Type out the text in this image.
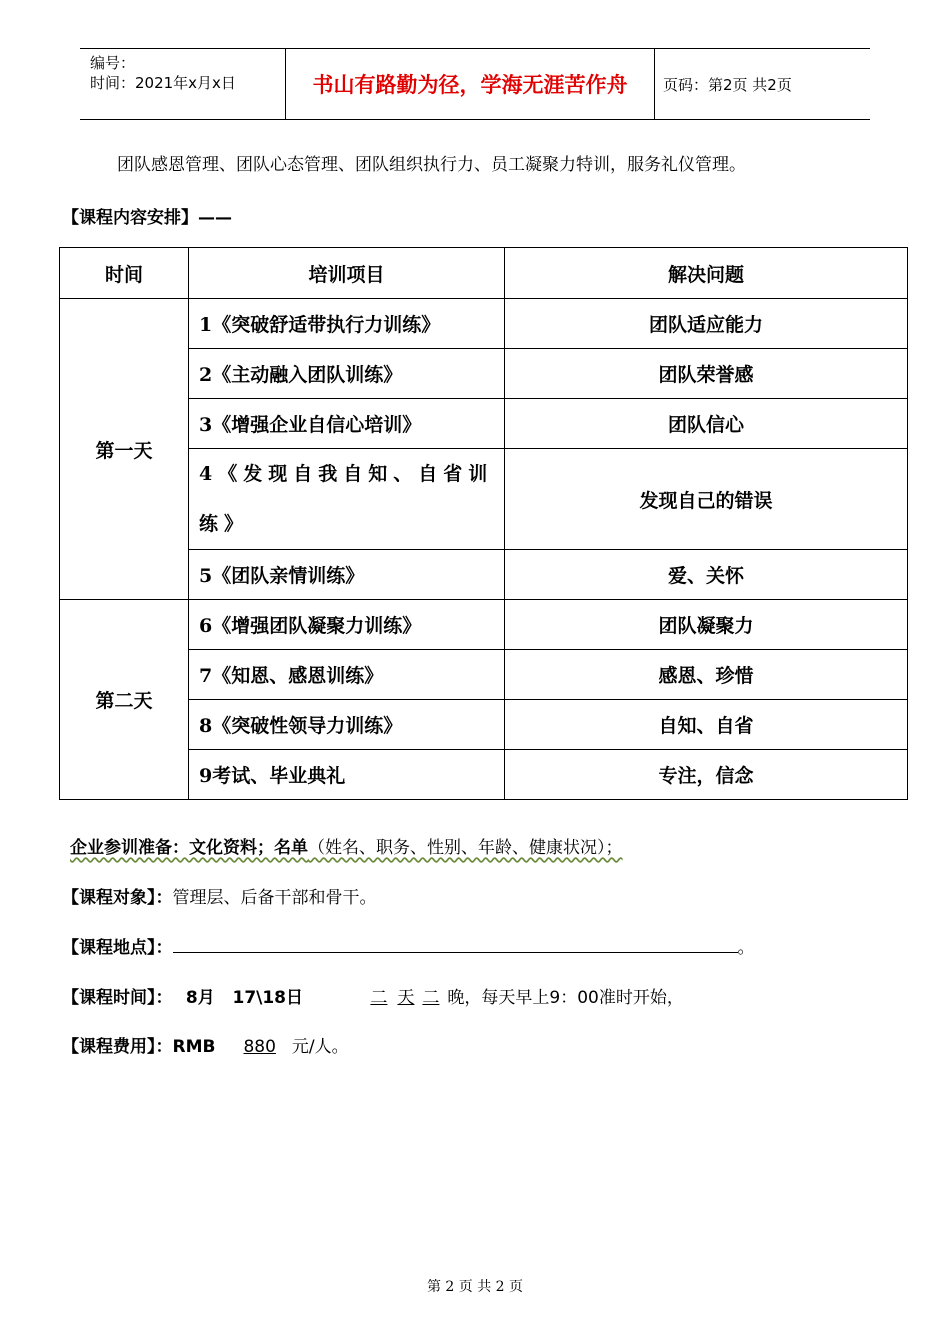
编号：
时间：2021年x月x日	书山有路勤为径，学海无涯苦作舟	页码：第2页 共2页
团队感恩管理、团队心态管理、团队组织执行力、员工凝聚力特训，服务礼仪管理。
【课程内容安排】——
时间	培训项目	解决问题
第一天	1《突破舒适带执行力训练》	团队适应能力
	2《主动融入团队训练》	团队荣誉感
	3《增强企业自信心培训》	团队信心
	4《发现自我自知、自省训练》	发现自己的错误
	5《团队亲情训练》	爱、关怀
第二天	6《增强团队凝聚力训练》	团队凝聚力
	7《知恩、感恩训练》	感恩、珍惜
	8《突破性领导力训练》	自知、自省
	9考试、毕业典礼	专注，信念
企业参训准备：文化资料；名单（姓名、职务、性别、年龄、健康状况）；
【课程对象】：管理层、后备干部和骨干。
【课程地点】：	。
【课程时间】： 8月   17\18日	二 天 二 晚，每天早上9：00准时开始，
【课程费用】：RMB 880 元/人。
第 2 页 共 2 页
